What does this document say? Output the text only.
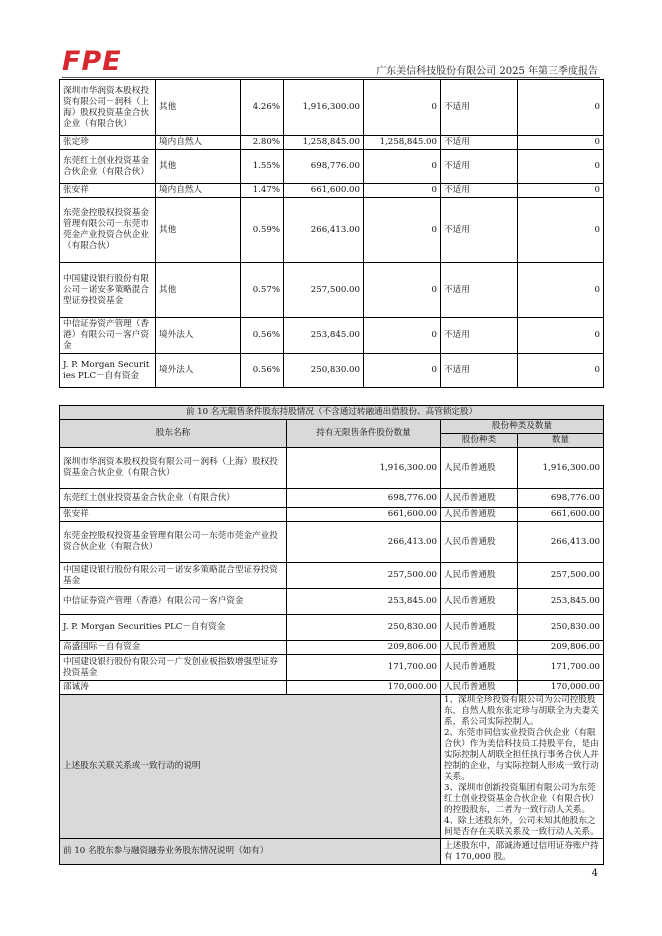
FPE	广东美信科技股份有限公司 2025 年第三季度报告
深圳市华润资本股权投资有限公司－润科（上海）股权投资基金合伙企业（有限合伙）	其他	4.26%	1,916,300.00	0	不适用	0
张定珍	境内自然人	2.80%	1,258,845.00	1,258,845.00	不适用	0
东莞红土创业投资基金合伙企业（有限合伙）	其他	1.55%	698,776.00	0	不适用	0
张安祥	境内自然人	1.47%	661,600.00	0	不适用	0
东莞金控股权投资基金管理有限公司－东莞市莞金产业投资合伙企业（有限合伙）	其他	0.59%	266,413.00	0	不适用	0
中国建设银行股份有限公司－诺安多策略混合型证券投资基金	其他	0.57%	257,500.00	0	不适用	0
中信证券资产管理（香港）有限公司－客户资金	境外法人	0.56%	253,845.00	0	不适用	0
J. P. Morgan Securities PLC－自有资金	境外法人	0.56%	250,830.00	0	不适用	0
前 10 名无限售条件股东持股情况（不含通过转融通出借股份、高管锁定股）			
股东名称	持有无限售条件股份数量	股份种类及数量	
		股份种类	数量
深圳市华润资本股权投资有限公司－润科（上海）股权投资基金合伙企业（有限合伙）	1,916,300.00	人民币普通股	1,916,300.00
东莞红土创业投资基金合伙企业（有限合伙）	698,776.00	人民币普通股	698,776.00
张安祥	661,600.00	人民币普通股	661,600.00
东莞金控股权投资基金管理有限公司－东莞市莞金产业投资合伙企业（有限合伙）	266,413.00	人民币普通股	266,413.00
中国建设银行股份有限公司－诺安多策略混合型证券投资基金	257,500.00	人民币普通股	257,500.00
中信证券资产管理（香港）有限公司－客户资金	253,845.00	人民币普通股	253,845.00
J. P. Morgan Securities PLC－自有资金	250,830.00	人民币普通股	250,830.00
高盛国际－自有资金	209,806.00	人民币普通股	209,806.00
中国建设银行股份有限公司－广发创业板指数增强型证券投资基金	171,700.00	人民币普通股	171,700.00
邵诚涛	170,000.00	人民币普通股	170,000.00
上述股东关联关系或一致行动的说明		1、深圳全珍投资有限公司为公司控股股东，自然人股东张定珍与胡联全为夫妻关系，系公司实际控制人。
2、东莞市同信实业投资合伙企业（有限合伙）作为美信科技员工持股平台，是由实际控制人胡联全担任执行事务合伙人并控制的企业，与实际控制人形成一致行动关系。
3、深圳市创新投资集团有限公司为东莞红土创业投资基金合伙企业（有限合伙）的控股股东，二者为一致行动人关系。
4、除上述股东外，公司未知其他股东之间是否存在关联关系及一致行动人关系。	

前 10 名股东参与融资融券业务股东情况说明（如有）		上述股东中，邵诚涛通过信用证券账户持有 170,000 股。	
4
